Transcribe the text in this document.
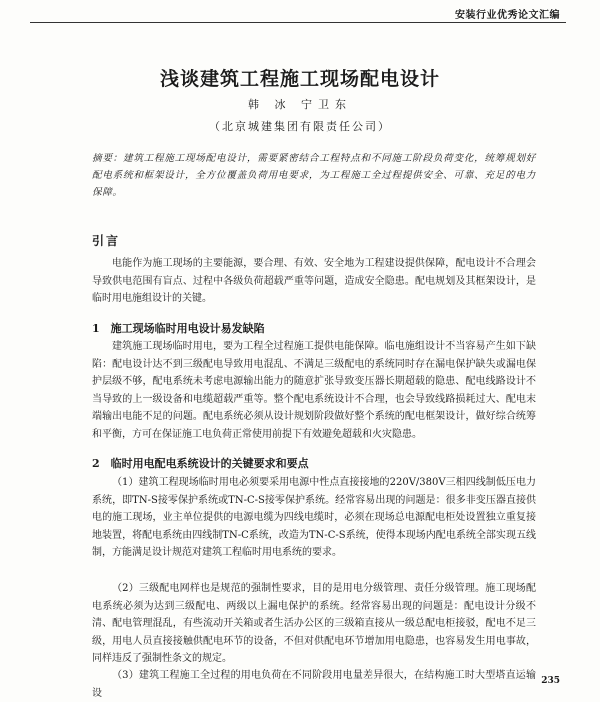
安装行业优秀论文汇编
浅谈建筑工程施工现场配电设计
韩 冰 宁卫东
（北京城建集团有限责任公司）
摘要：建筑工程施工现场配电设计，需要紧密结合工程特点和不同施工阶段负荷变化，统筹规划好配电系统和框架设计，全方位覆盖负荷用电要求，为工程施工全过程提供安全、可靠、充足的电力保障。
引言

电能作为施工现场的主要能源，要合理、有效、安全地为工程建设提供保障，配电设计不合理会导致供电范围有盲点、过程中各级负荷超载严重等问题，造成安全隐患。配电规划及其框架设计，是临时用电施组设计的关键。

1　施工现场临时用电设计易发缺陷

建筑施工现场临时用电，要为工程全过程施工提供电能保障。临电施组设计不当容易产生如下缺陷：配电设计达不到三级配电导致用电混乱、不满足三级配电的系统同时存在漏电保护缺失或漏电保护层级不够，配电系统未考虑电源输出能力的随意扩张导致变压器长期超载的隐患、配电线路设计不当导致的上一级设备和电缆超载严重等。整个配电系统设计不合理，也会导致线路损耗过大、配电末端输出电能不足的问题。配电系统必须从设计规划阶段做好整个系统的配电框架设计，做好综合统筹和平衡，方可在保证施工电负荷正常使用前提下有效避免超载和火灾隐患。

2　临时用电配电系统设计的关键要求和要点

（1）建筑工程现场临时用电必须要采用电源中性点直接接地的220V/380V三相四线制低压电力系统，即TN-S接零保护系统或TN-C-S接零保护系统。经常容易出现的问题是：很多非变压器直接供电的施工现场，业主单位提供的电源电缆为四线电缆时，必须在现场总电源配电柜处设置独立重复接地装置，将配电系统由四线制TN-C系统，改造为TN-C-S系统，使得本现场内配电系统全部实现五线制，方能满足设计规范对建筑工程临时用电系统的要求。

（2）三级配电网样也是规范的强制性要求，目的是用电分级管理、责任分级管理。施工现场配电系统必须为达到三级配电、两级以上漏电保护的系统。经常容易出现的问题是：配电设计分级不清、配电管理混乱，有些流动开关箱或者生活办公区的三级箱直接从一级总配电柜接驳，配电不足三级，用电人员直接接触供配电环节的设备，不但对供配电环节增加用电隐患，也容易发生用电事故，同样违反了强制性条文的规定。

（3）建筑工程施工全过程的用电负荷在不同阶段用电量差异很大，在结构施工时大型塔直运输设

235
